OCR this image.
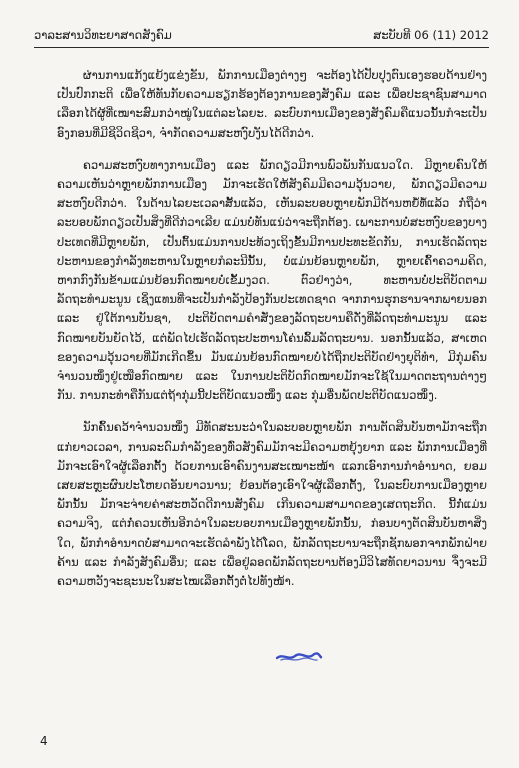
ວາລະສານວິທະຍາສາດສັງຄົມ	ສະບັບທີ 06 (11) 2012

ຜ່ານການແກ້ງແຍ້ງແຂ່ງຂັນ, ພັກການເມືອງຕ່າງໆ ຈະຕ້ອງໄດ້ປັບປຸງຕົນເອງຮອບດ້ານຢ່າງເປັນປົກກະຕິ ເພື່ອໃຫ້ທັນກັບຄວາມຮຽກຮ້ອງຕ້ອງການຂອງສັງຄົມ ແລະ ເພື່ອປະຊາຊົນສາມາດເລືອກໄດ້ຜູ້ທີ່ເໝາະສົມກວ່າໝູ່ໃນແຕ່ລະໄລຍະ. ລະບົບການເມືອງຂອງສັງຄົມຄືແນວນັ້ນກໍຈະເປັນອົງກອນທີ່ມີຊີວິດຊີວາ, ຈຳກັດຄວາມສະຫງົບງັນໄດ້ດີກວ່າ.

ຄວາມສະຫງົບທາງການເມືອງ ແລະ ພັກດຽວມີການພົວພັນກັນແນວໃດ. ມີຫຼາຍຄົນໃຫ້ຄວາມເຫັນວ່າຫຼາຍພັກການເມືອງ ມັກຈະເຮັດໃຫ້ສັງຄົມມີຄວາມວຸ້ນວາຍ, ພັກດຽວມີຄວາມສະຫງົບດີກວ່າ. ໃນດ້ານໄລຍະເວລາສັ້ນແລ້ວ, ເຫັນລະບອບຫຼາຍພັກມີດ້ານຫຍໍ້ທໍ້ແລ້ວ ກໍ່ຖືວ່າລະບອບພັກດຽວເປັນສິ່ງທີ່ດີກ່ວາເລີຍ ແມ່ນບໍ່ທັນແນ່ວ່າຈະຖືກຕ້ອງ. ເພາະການບໍ່ສະຫງົບຂອງບາງປະເທດທີ່ມີຫຼາຍພັກ, ເປັນຕົ້ນແມ່ນການປະທ້ວງເຖິງຂັ້ນມີການປະທະຂັດກັນ, ການເຮັດລັດຖະປະຫານຂອງກຳລັງທະຫານໃນຫຼາຍກໍລະນີນັ້ນ, ບໍ່ແມ່ນຍ້ອນຫຼາຍພັກ, ຫຼາຍເຄົ້າຄວາມຄິດ, ຫາກກົງກັນຂ້າມແມ່ນຍ້ອນກົດໝາຍບໍ່ເຂັ້ມງວດ. ຕົວຢ່າງວ່າ, ທະຫານບໍ່ປະຕິບັດຕາມລັດຖະທຳມະນູນ ເຊິ່ງແທນທີ່ຈະເປັນກຳລັງປ້ອງກັນປະເທດຊາດ ຈາກການຮຸກຮານຈາກພາຍນອກ ແລະ ຢູ່ໃຕ້ການບັນຊາ, ປະຕິບັດຕາມຄຳສັ່ງຂອງລັດຖະບານຄືດັ່ງທີ່ລັດຖະທຳມະນູນ ແລະ ກົດໝາຍບັນຍັດໄວ້, ແຕ່ພັດໄປເຮັດລັດຖະປະຫານໂຄ່ນລົ້ມລັດຖະບານ. ນອກນັ້ນແລ້ວ, ສາເຫດຂອງຄວາມວຸ້ນວາຍທີ່ມັກເກີດຂຶ້ນ ມັນແມ່ນຍ້ອນກົດໝາຍບໍ່ໄດ້ຖືກປະຕິບັດຢ່າງຍຸຕິທຳ, ມີກຸ່ມຄົນຈຳນວນໜຶ່ງຢູ່ເໜືອກົດໝາຍ ແລະ ໃນການປະຕິບັດກົດໝາຍມັກຈະໃຊ້ໃນມາດຕະຖານຕ່າງໆກັນ. ການກະທຳຄືກັນແຕ່ຖ້າກຸ່ມນີ້ປະຕິບັດແນວໜຶ່ງ ແລະ ກຸ່ມອື່ນພັດປະຕິບັດແນວໜຶ່ງ.

ນັກຄົ້ນຄວ້າຈຳນວນໜຶ່ງ ມີທັດສະນະວ່າໃນລະບອບຫຼາຍພັກ ການຕັດສິນບັນຫາມັກຈະຖືກແກ່ຍາວເວລາ, ການລະດົມກຳລັງຂອງທົ່ວສັງຄົມມັກຈະມີຄວາມຫຍຸ້ງຍາກ ແລະ ພັກການເມືອງທີ່ມັກຈະເອົາໃຈຜູ້ເລືອກຕັ້ງ ດ້ວຍການເອົາຄົນງານສະເໝາະໜ້າ ແລກເອົາການກຳອຳນາດ, ຍອມເສຍສະຫຼະຜົນປະໂຫຍດອັນຍາວນານ; ຍ້ອນຕ້ອງເອົາໃຈຜູ້ເລືອກຕັ້ງ, ໃນລະບົບການເມືອງຫຼາຍພັກນັ້ນ ມັກຈະຈ່າຍຄ່າສະຫວັດດີການສັງຄົມ ເກີນຄວາມສາມາດຂອງເສດຖະກິດ. ນີ້ກໍ່ແມ່ນຄວາມຈິງ, ແຕ່ກໍ່ຄວນເຫັນອີກວ່າໃນລະບອບການເມືອງຫຼາຍພັກນັ້ນ, ກ່ອນບາງຕັດສິນບັນຫາສິ່ງໃດ, ພັກກຳອຳນາດບໍ່ສາມາດຈະເຮັດລຳພັງໄດ້ໂລດ, ພັກລັດຖະບານຈະຖືກຊັກພອກຈາກພັກຝ່າຍຄ້ານ ແລະ ກຳລັງສັງຄົມອື່ນ; ແລະ ເພື່ອຢູ່ລອດພັກລັດຖະບານຕ້ອງມີວິໄສທັດຍາວນານ ຈຶ່ງຈະມີຄວາມຫວັງຈະຊະນະໃນສະໄໝເລືອກຕັ້ງຕໍ່ໄປທັງໜ້າ.

4
